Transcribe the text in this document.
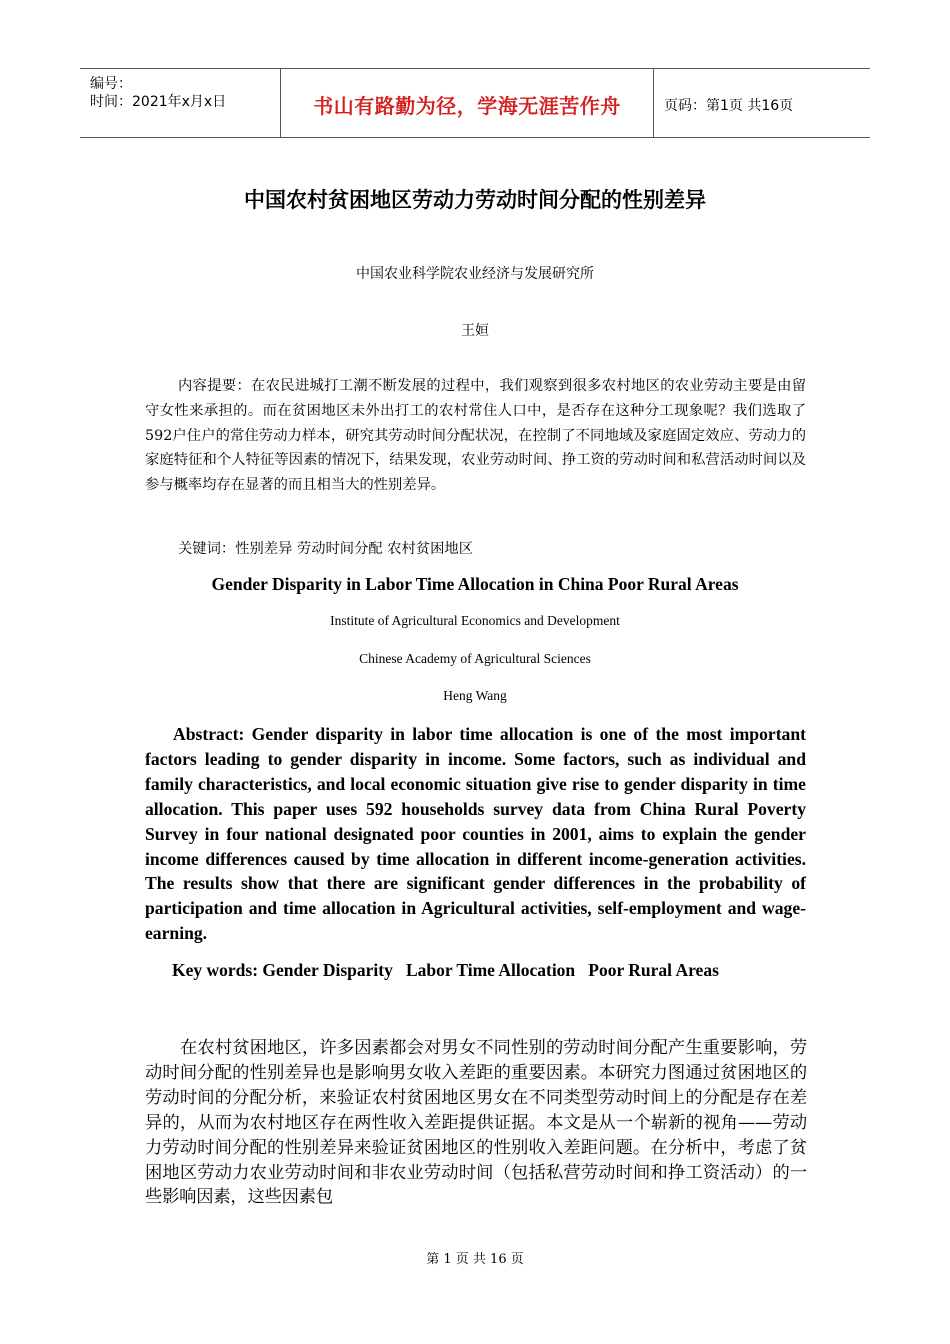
编号：
时间：2021年x月x日	书山有路勤为径，学海无涯苦作舟	页码：第1页 共16页
中国农村贫困地区劳动力劳动时间分配的性别差异
中国农业科学院农业经济与发展研究所
王姮
内容提要：在农民进城打工潮不断发展的过程中，我们观察到很多农村地区的农业劳动主要是由留守女性来承担的。而在贫困地区未外出打工的农村常住人口中，是否存在这种分工现象呢？我们选取了592户住户的常住劳动力样本，研究其劳动时间分配状况，在控制了不同地域及家庭固定效应、劳动力的家庭特征和个人特征等因素的情况下，结果发现，农业劳动时间、挣工资的劳动时间和私营活动时间以及参与概率均存在显著的而且相当大的性别差异。
关键词：性别差异 劳动时间分配 农村贫困地区
Gender Disparity in Labor Time Allocation in China Poor Rural Areas
Institute of Agricultural Economics and Development
Chinese Academy of Agricultural Sciences
Heng Wang
Abstract: Gender disparity in labor time allocation is one of the most important factors leading to gender disparity in income. Some factors, such as individual and family characteristics, and local economic situation give rise to gender disparity in time allocation. This paper uses 592 households survey data from China Rural Poverty Survey in four national designated poor counties in 2001, aims to explain the gender income differences caused by time allocation in different income-generation activities. The results show that there are significant gender differences in the probability of participation and time allocation in Agricultural activities, self-employment and wage-earning.
Key words: Gender Disparity   Labor Time Allocation   Poor Rural Areas
在农村贫困地区，许多因素都会对男女不同性别的劳动时间分配产生重要影响，劳动时间分配的性别差异也是影响男女收入差距的重要因素。本研究力图通过贫困地区的劳动时间的分配分析，来验证农村贫困地区男女在不同类型劳动时间上的分配是存在差异的，从而为农村地区存在两性收入差距提供证据。本文是从一个崭新的视角——劳动力劳动时间分配的性别差异来验证贫困地区的性别收入差距问题。在分析中，考虑了贫困地区劳动力农业劳动时间和非农业劳动时间（包括私营劳动时间和挣工资活动）的一些影响因素，这些因素包
第 1 页 共 16 页
